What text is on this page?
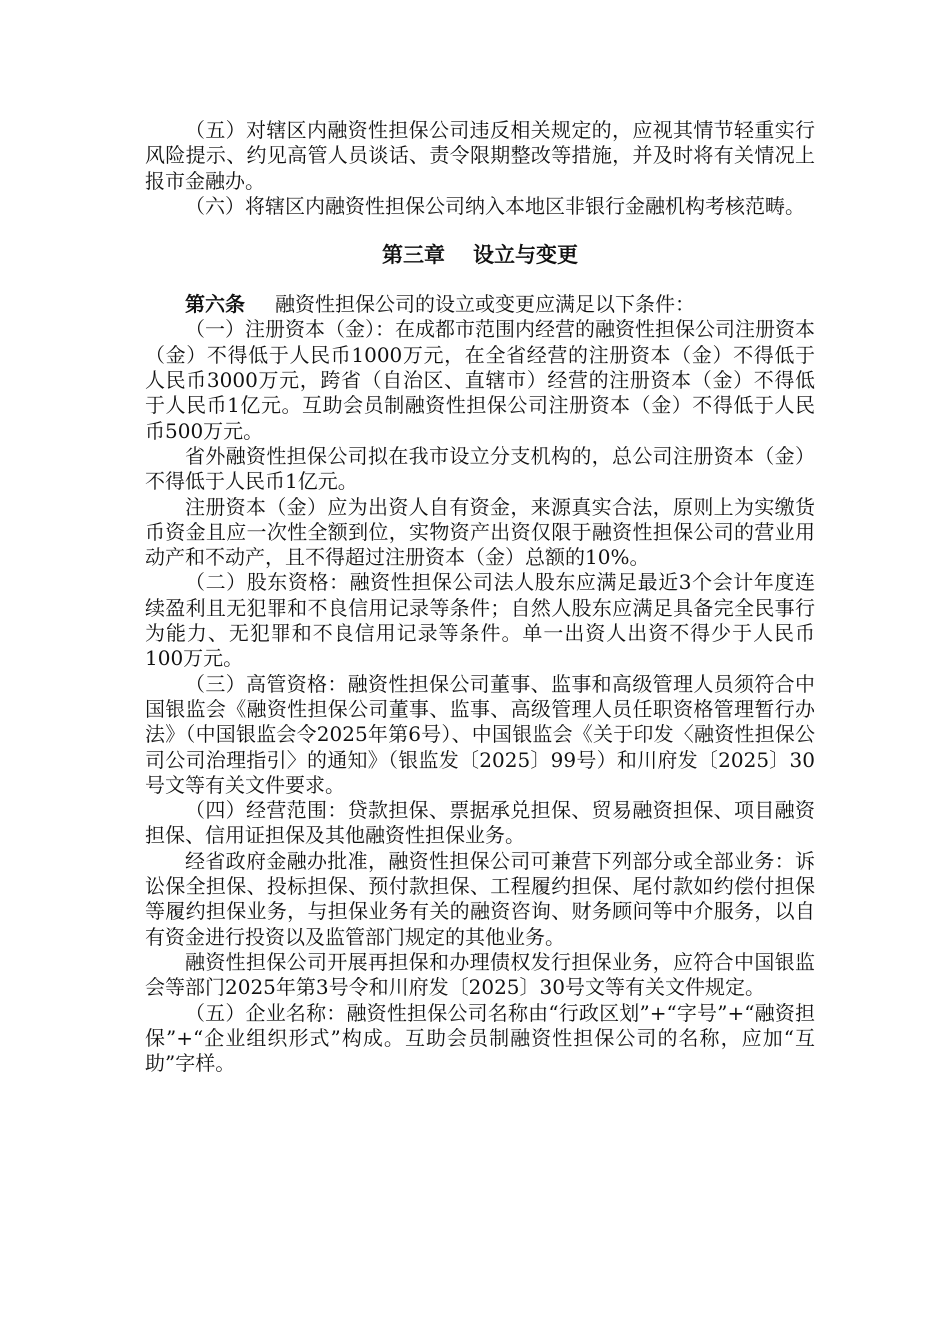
（五）对辖区内融资性担保公司违反相关规定的，应视其情节轻重实行风险提示、约见高管人员谈话、责令限期整改等措施，并及时将有关情况上报市金融办。

（六）将辖区内融资性担保公司纳入本地区非银行金融机构考核范畴。

第三章 设立与变更

第六条 融资性担保公司的设立或变更应满足以下条件：

（一）注册资本（金）：在成都市范围内经营的融资性担保公司注册资本（金）不得低于人民币1000万元，在全省经营的注册资本（金）不得低于人民币3000万元，跨省（自治区、直辖市）经营的注册资本（金）不得低于人民币1亿元。互助会员制融资性担保公司注册资本（金）不得低于人民币500万元。

省外融资性担保公司拟在我市设立分支机构的，总公司注册资本（金）不得低于人民币1亿元。

注册资本（金）应为出资人自有资金，来源真实合法，原则上为实缴货币资金且应一次性全额到位，实物资产出资仅限于融资性担保公司的营业用动产和不动产，且不得超过注册资本（金）总额的10%。

（二）股东资格：融资性担保公司法人股东应满足最近3个会计年度连续盈利且无犯罪和不良信用记录等条件；自然人股东应满足具备完全民事行为能力、无犯罪和不良信用记录等条件。单一出资人出资不得少于人民币100万元。

（三）高管资格：融资性担保公司董事、监事和高级管理人员须符合中国银监会《融资性担保公司董事、监事、高级管理人员任职资格管理暂行办法》（中国银监会令2025年第6号）、中国银监会《关于印发〈融资性担保公司公司治理指引〉的通知》（银监发〔2025〕99号）和川府发〔2025〕30号文等有关文件要求。

（四）经营范围：贷款担保、票据承兑担保、贸易融资担保、项目融资担保、信用证担保及其他融资性担保业务。

经省政府金融办批准，融资性担保公司可兼营下列部分或全部业务：诉讼保全担保、投标担保、预付款担保、工程履约担保、尾付款如约偿付担保等履约担保业务，与担保业务有关的融资咨询、财务顾问等中介服务，以自有资金进行投资以及监管部门规定的其他业务。

融资性担保公司开展再担保和办理债权发行担保业务，应符合中国银监会等部门2025年第3号令和川府发〔2025〕30号文等有关文件规定。

（五）企业名称：融资性担保公司名称由“行政区划”+“字号”+“融资担保”+“企业组织形式”构成。互助会员制融资性担保公司的名称，应加“互助”字样。
